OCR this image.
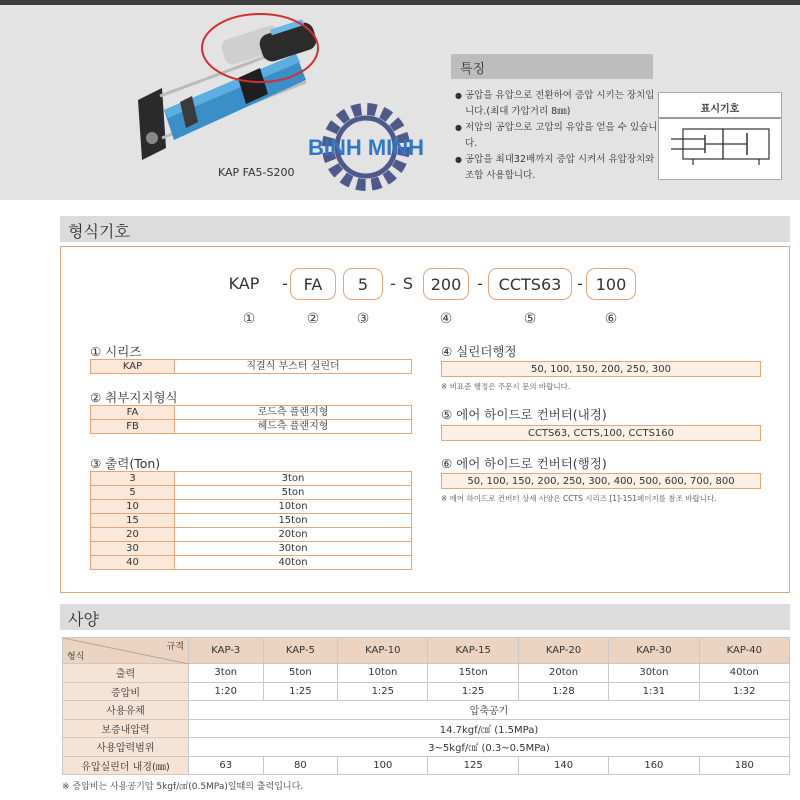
TEFLON
BINH MINH
KAP FA5-S200
특징
● 공압을 유압으로 전환하여 증압 시키는 장치입니다.(최대 가압거리 8㎜)
● 저압의 공압으로 고압의 유압을 얻을 수 있습니다.
● 공압을 최대32배까지 증압 시켜서 유압장치와 조합 사용합니다.
표시기호
형식기호
KAP	- FA	5	- S	200 - CCTS63 - 100
①	②	③	④	⑤	⑥
① 시리즈
KAP	직결식 부스터 실린더
② 취부지지형식
FA	로드측 플랜지형
FB	헤드측 플랜지형
③ 출력(Ton)
3	3ton
5	5ton
10	10ton
15	15ton
20	20ton
30	30ton
40	40ton
④ 실린더행정
50, 100, 150, 200, 250, 300
※ 비표준 행정은 주문시 문의 바랍니다.
⑤ 에어 하이드로 컨버터(내경)
CCTS63, CCTS,100, CCTS160
⑥ 에어 하이드로 컨버터(행정)
50, 100, 150, 200, 250, 300, 400, 500, 600, 700, 800
※ 에어 하이드로 컨버터 상세 사양은 CCTS 시리즈 [1]-151페이지를 참조 바랍니다.
사양
규격
형식	KAP-3	KAP-5	KAP-10	KAP-15	KAP-20	KAP-30	KAP-40
출력	3ton	5ton	10ton	15ton	20ton	30ton	40ton
증압비	1:20	1:25	1:25	1:25	1:28	1:31	1:32
사용유체	압축공기						
보증내압력	14.7kgf/㎠ (1.5MPa)						
사용압력범위	3~5kgf/㎠ (0.3~0.5MPa)						
유압실린더 내경(㎜)	63	80	100	125	140	160	180
※ 증압비는 사용공기압 5kgf/㎠(0.5MPa)일때의 출력입니다.
